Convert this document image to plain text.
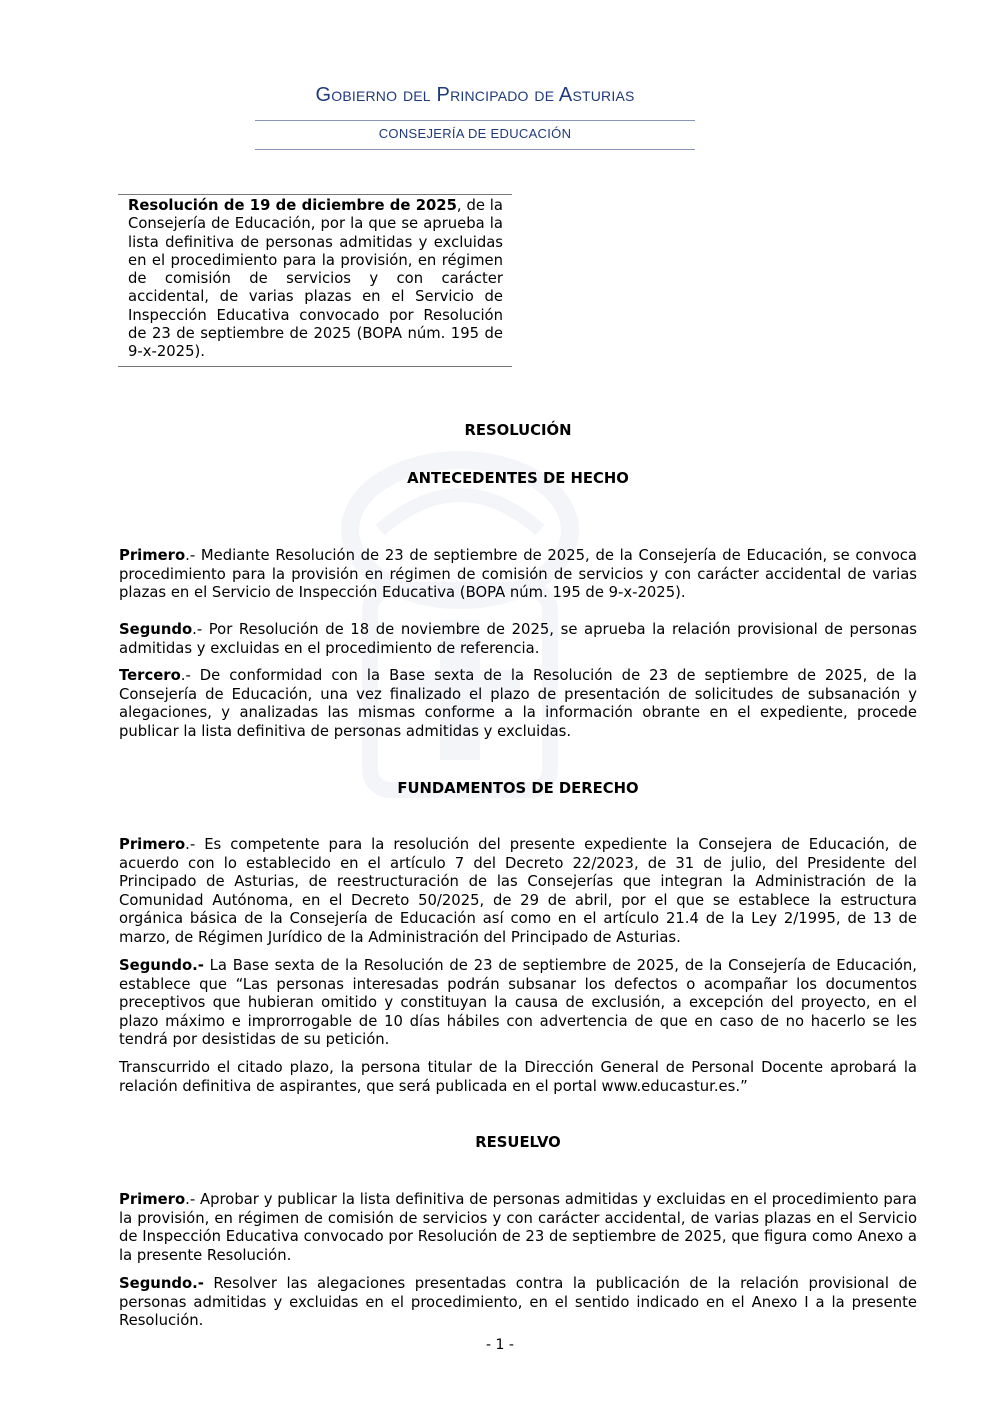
Gobierno del Principado de Asturias

CONSEJERÍA DE EDUCACIÓN

Resolución de 19 de diciembre de 2025, de la Consejería de Educación, por la que se aprueba la lista definitiva de personas admitidas y excluidas en el procedimiento para la provisión, en régimen de comisión de servicios y con carácter accidental, de varias plazas en el Servicio de Inspección Educativa convocado por Resolución de 23 de septiembre de 2025 (BOPA núm. 195 de 9-x-2025).

RESOLUCIÓN

ANTECEDENTES DE HECHO

Primero.- Mediante Resolución de 23 de septiembre de 2025, de la Consejería de Educación, se convoca procedimiento para la provisión en régimen de comisión de servicios y con carácter accidental de varias plazas en el Servicio de Inspección Educativa (BOPA núm. 195 de 9-x-2025).

Segundo.- Por Resolución de 18 de noviembre de 2025, se aprueba la relación provisional de personas admitidas y excluidas en el procedimiento de referencia.

Tercero.- De conformidad con la Base sexta de la Resolución de 23 de septiembre de 2025, de la Consejería de Educación, una vez finalizado el plazo de presentación de solicitudes de subsanación y alegaciones, y analizadas las mismas conforme a la información obrante en el expediente, procede publicar la lista definitiva de personas admitidas y excluidas.

FUNDAMENTOS DE DERECHO

Primero.- Es competente para la resolución del presente expediente la Consejera de Educación, de acuerdo con lo establecido en el artículo 7 del Decreto 22/2023, de 31 de julio, del Presidente del Principado de Asturias, de reestructuración de las Consejerías que integran la Administración de la Comunidad Autónoma, en el Decreto 50/2025, de 29 de abril, por el que se establece la estructura orgánica básica de la Consejería de Educación así como en el artículo 21.4 de la Ley 2/1995, de 13 de marzo, de Régimen Jurídico de la Administración del Principado de Asturias.

Segundo.- La Base sexta de la Resolución de 23 de septiembre de 2025, de la Consejería de Educación, establece que “Las personas interesadas podrán subsanar los defectos o acompañar los documentos preceptivos que hubieran omitido y constituyan la causa de exclusión, a excepción del proyecto, en el plazo máximo e improrrogable de 10 días hábiles con advertencia de que en caso de no hacerlo se les tendrá por desistidas de su petición.

Transcurrido el citado plazo, la persona titular de la Dirección General de Personal Docente aprobará la relación definitiva de aspirantes, que será publicada en el portal www.educastur.es.”

RESUELVO

Primero.- Aprobar y publicar la lista definitiva de personas admitidas y excluidas en el procedimiento para la provisión, en régimen de comisión de servicios y con carácter accidental, de varias plazas en el Servicio de Inspección Educativa convocado por Resolución de 23 de septiembre de 2025, que figura como Anexo a la presente Resolución.

Segundo.- Resolver las alegaciones presentadas contra la publicación de la relación provisional de personas admitidas y excluidas en el procedimiento, en el sentido indicado en el Anexo I a la presente Resolución.

- 1 -
